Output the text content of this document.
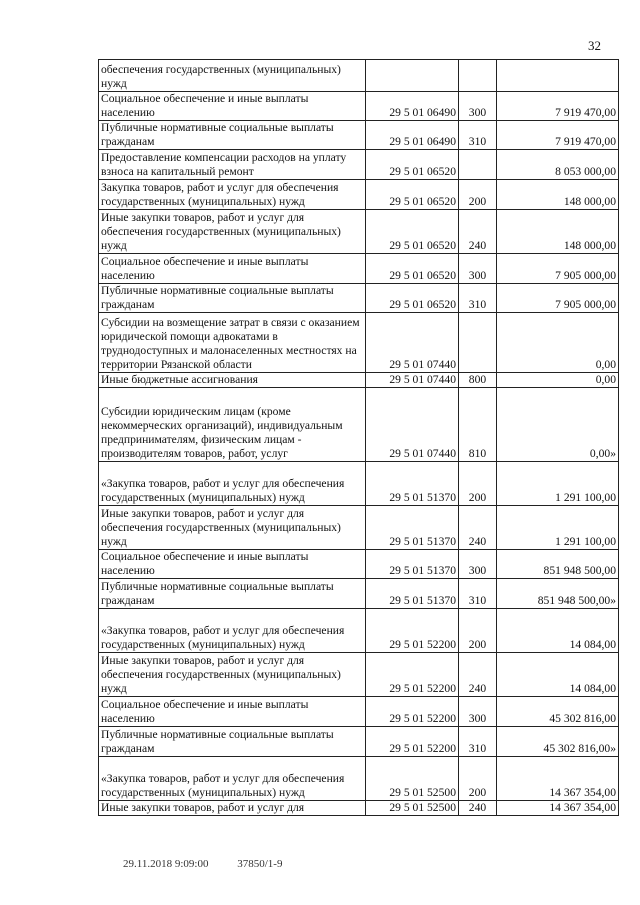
32
обеспечения государственных (муниципальных) нужд			
Социальное обеспечение и иные выплаты населению	29 5 01 06490	300	7 919 470,00
Публичные нормативные социальные выплаты гражданам	29 5 01 06490	310	7 919 470,00
Предоставление компенсации расходов на уплату взноса на капитальный ремонт	29 5 01 06520		8 053 000,00
Закупка товаров, работ и услуг для обеспечения государственных (муниципальных) нужд	29 5 01 06520	200	148 000,00
Иные закупки товаров, работ и услуг для обеспечения государственных (муниципальных) нужд	29 5 01 06520	240	148 000,00
Социальное обеспечение и иные выплаты населению	29 5 01 06520	300	7 905 000,00
Публичные нормативные социальные выплаты гражданам	29 5 01 06520	310	7 905 000,00
Субсидии на возмещение затрат в связи с оказанием юридической помощи адвокатами в труднодоступных и малонаселенных местностях на территории Рязанской области	29 5 01 07440		0,00
Иные бюджетные ассигнования	29 5 01 07440	800	0,00
Субсидии юридическим лицам (кроме некоммерческих организаций), индивидуальным предпринимателям, физическим лицам - производителям товаров, работ, услуг	29 5 01 07440	810	0,00»
«Закупка товаров, работ и услуг для обеспечения государственных (муниципальных) нужд	29 5 01 51370	200	1 291 100,00
Иные закупки товаров, работ и услуг для обеспечения государственных (муниципальных) нужд	29 5 01 51370	240	1 291 100,00
Социальное обеспечение и иные выплаты населению	29 5 01 51370	300	851 948 500,00
Публичные нормативные социальные выплаты гражданам	29 5 01 51370	310	851 948 500,00»
«Закупка товаров, работ и услуг для обеспечения государственных (муниципальных) нужд	29 5 01 52200	200	14 084,00
Иные закупки товаров, работ и услуг для обеспечения государственных (муниципальных) нужд	29 5 01 52200	240	14 084,00
Социальное обеспечение и иные выплаты населению	29 5 01 52200	300	45 302 816,00
Публичные нормативные социальные выплаты гражданам	29 5 01 52200	310	45 302 816,00»
«Закупка товаров, работ и услуг для обеспечения государственных (муниципальных) нужд	29 5 01 52500	200	14 367 354,00
Иные закупки товаров, работ и услуг для	29 5 01 52500	240	14 367 354,00
29.11.2018 9:09:00	37850/1-9
